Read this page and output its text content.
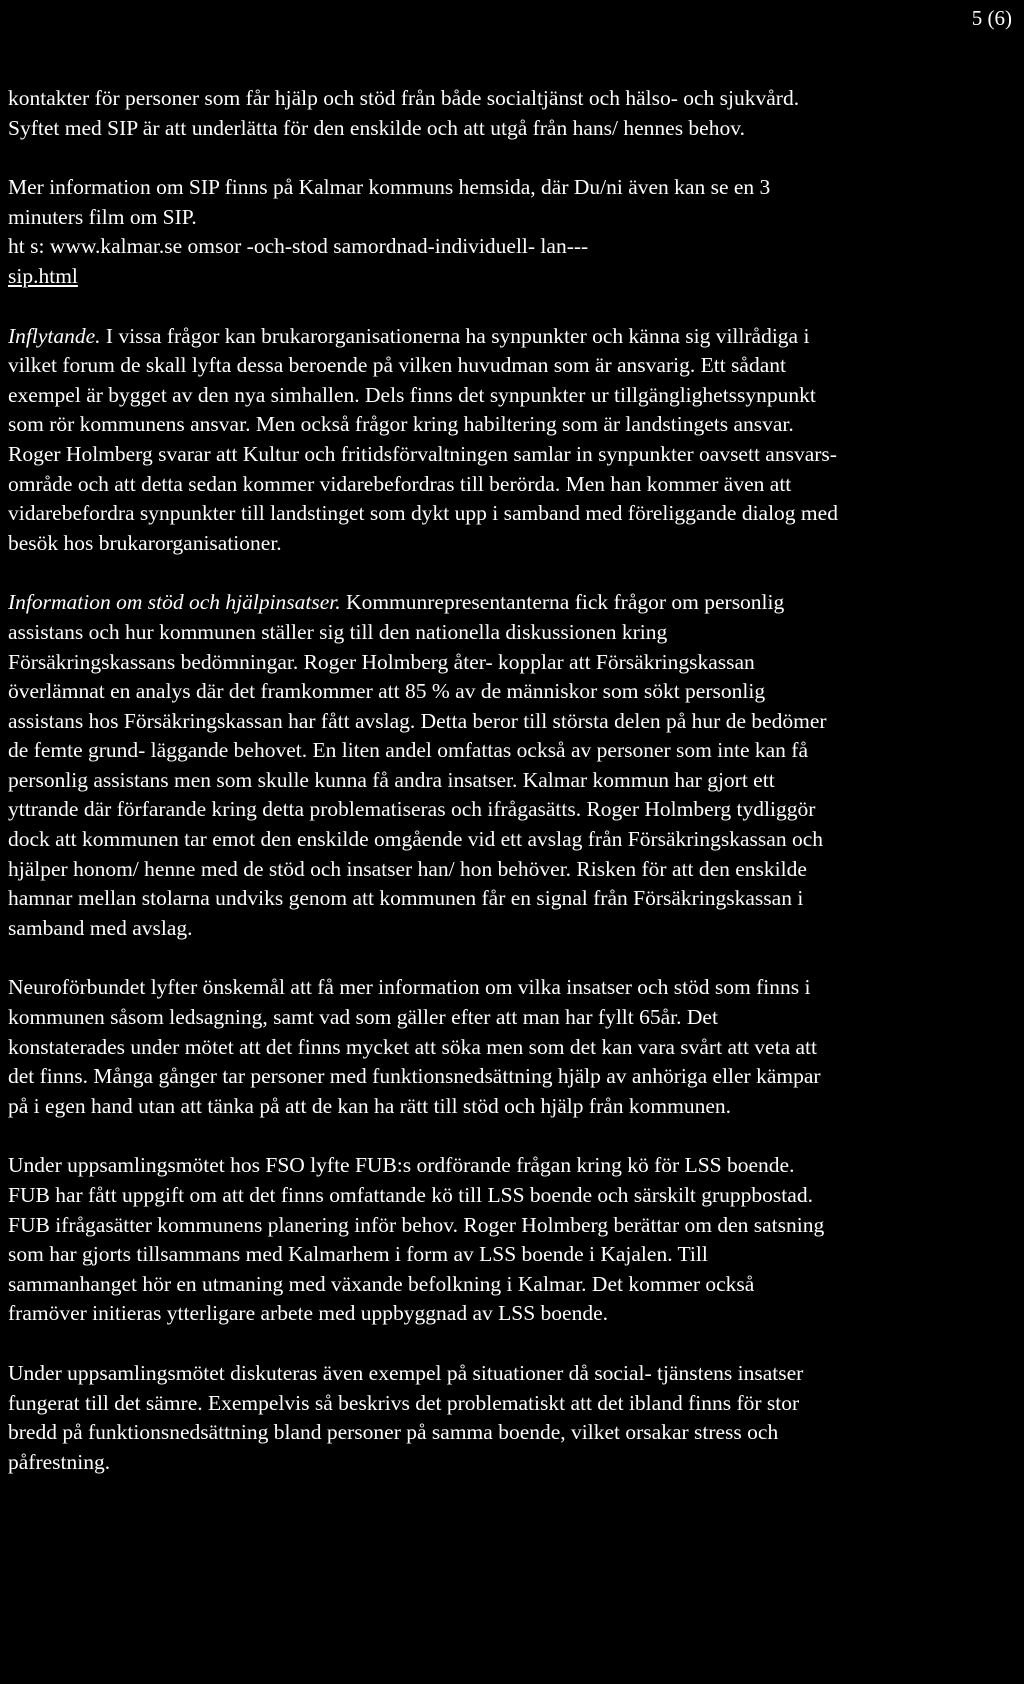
5 (6)

kontakter för personer som får hjälp och stöd från både socialtjänst och hälso- och sjukvård. Syftet med SIP är att underlätta för den enskilde och att utgå från hans/ hennes behov.

Mer information om SIP finns på Kalmar kommuns hemsida, där Du/ni även kan se en 3 minuters film om SIP.

ht s: www.kalmar.se omsor -och-stod samordnad-individuell- lan---

sip.html

Inflytande. I vissa frågor kan brukarorganisationerna ha synpunkter och känna sig villrådiga i vilket forum de skall lyfta dessa beroende på vilken huvudman som är ansvarig. Ett sådant exempel är bygget av den nya simhallen. Dels finns det synpunkter ur tillgänglighetssynpunkt som rör kommunens ansvar. Men också frågor kring habiltering som är landstingets ansvar. Roger Holmberg svarar att Kultur och fritidsförvaltningen samlar in synpunkter oavsett ansvars- område och att detta sedan kommer vidarebefordras till berörda. Men han kommer även att vidarebefordra synpunkter till landstinget som dykt upp i samband med föreliggande dialog med besök hos brukarorganisationer.

Information om stöd och hjälpinsatser. Kommunrepresentanterna fick frågor om personlig assistans och hur kommunen ställer sig till den nationella diskussionen kring Försäkringskassans bedömningar. Roger Holmberg åter- kopplar att Försäkringskassan överlämnat en analys där det framkommer att 85 % av de människor som sökt personlig assistans hos Försäkringskassan har fått avslag. Detta beror till största delen på hur de bedömer de femte grund- läggande behovet. En liten andel omfattas också av personer som inte kan få personlig assistans men som skulle kunna få andra insatser. Kalmar kommun har gjort ett yttrande där förfarande kring detta problematiseras och ifrågasätts. Roger Holmberg tydliggör dock att kommunen tar emot den enskilde omgående vid ett avslag från Försäkringskassan och hjälper honom/ henne med de stöd och insatser han/ hon behöver. Risken för att den enskilde hamnar mellan stolarna undviks genom att kommunen får en signal från Försäkringskassan i samband med avslag.

Neuroförbundet lyfter önskemål att få mer information om vilka insatser och stöd som finns i kommunen såsom ledsagning, samt vad som gäller efter att man har fyllt 65år. Det konstaterades under mötet att det finns mycket att söka men som det kan vara svårt att veta att det finns. Många gånger tar personer med funktionsnedsättning hjälp av anhöriga eller kämpar på i egen hand utan att tänka på att de kan ha rätt till stöd och hjälp från kommunen.

Under uppsamlingsmötet hos FSO lyfte FUB:s ordförande frågan kring kö för LSS boende. FUB har fått uppgift om att det finns omfattande kö till LSS boende och särskilt gruppbostad. FUB ifrågasätter kommunens planering inför behov. Roger Holmberg berättar om den satsning som har gjorts tillsammans med Kalmarhem i form av LSS boende i Kajalen. Till sammanhanget hör en utmaning med växande befolkning i Kalmar. Det kommer också framöver initieras ytterligare arbete med uppbyggnad av LSS boende.

Under uppsamlingsmötet diskuteras även exempel på situationer då social- tjänstens insatser fungerat till det sämre. Exempelvis så beskrivs det problematiskt att det ibland finns för stor bredd på funktionsnedsättning bland personer på samma boende, vilket orsakar stress och påfrestning.
